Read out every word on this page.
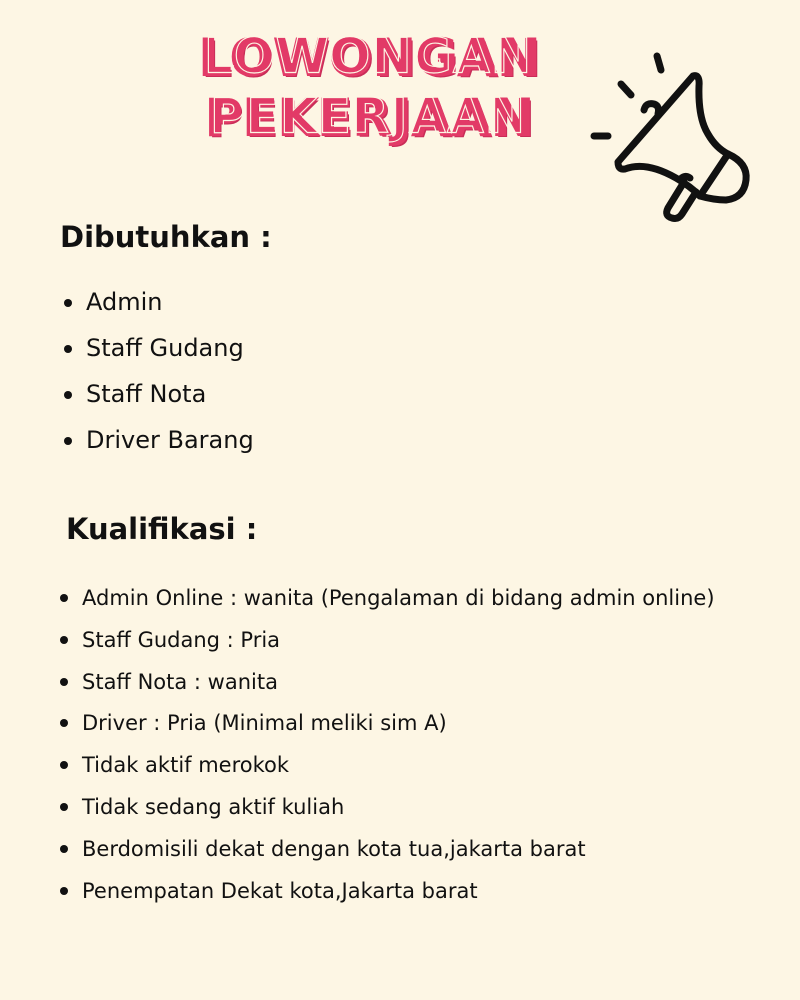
LOWONGAN LOWONGAN
PEKERJAAN PEKERJAAN
Dibutuhkan :
Admin
Staff Gudang
Staff Nota
Driver Barang
Kualifikasi :
Admin Online : wanita (Pengalaman di bidang admin online)
Staff Gudang : Pria
Staff Nota : wanita
Driver : Pria (Minimal meliki sim A)
Tidak aktif merokok
Tidak sedang aktif kuliah
Berdomisili dekat dengan kota tua,jakarta barat
Penempatan Dekat kota,Jakarta barat
